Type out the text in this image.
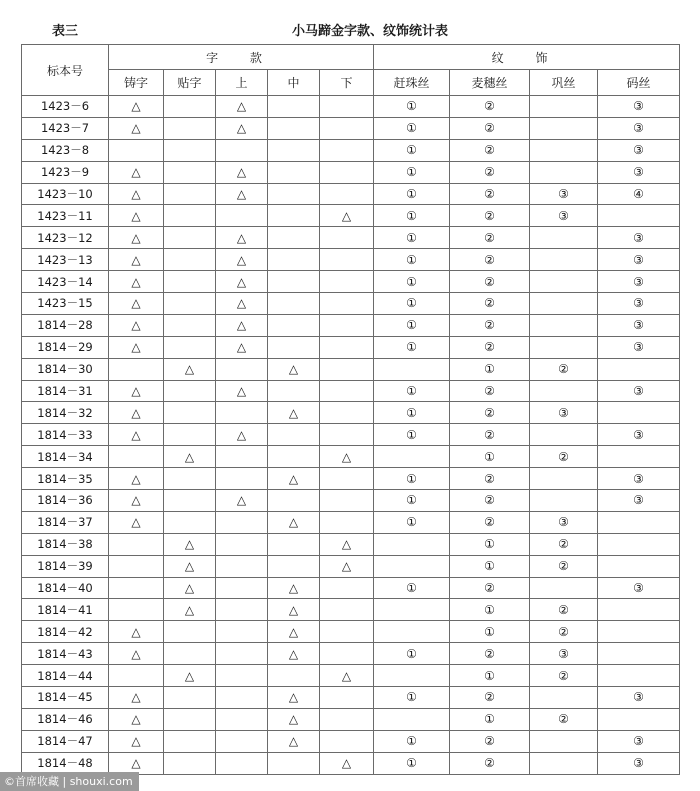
表三	小马蹄金字款、纹饰统计表
标本号	字 款					纹 饰			
	铸字	贴字	上	中	下	赶珠丝	麦穗丝	巩丝	码丝
1423－6	△		△			①	②		③
1423－7	△		△			①	②		③
1423－8						①	②		③
1423－9	△		△			①	②		③
1423－10	△		△			①	②	③	④
1423－11	△				△	①	②	③	
1423－12	△		△			①	②		③
1423－13	△		△			①	②		③
1423－14	△		△			①	②		③
1423－15	△		△			①	②		③
1814－28	△		△			①	②		③
1814－29	△		△			①	②		③
1814－30		△		△			①	②	
1814－31	△		△			①	②		③
1814－32	△			△		①	②	③	
1814－33	△		△			①	②		③
1814－34		△			△		①	②	
1814－35	△			△		①	②		③
1814－36	△		△			①	②		③
1814－37	△			△		①	②	③	
1814－38		△			△		①	②	
1814－39		△			△		①	②	
1814－40		△		△		①	②		③
1814－41		△		△			①	②	
1814－42	△			△			①	②	
1814－43	△			△		①	②	③	
1814－44		△			△		①	②	
1814－45	△			△		①	②		③
1814－46	△			△			①	②	
1814－47	△			△		①	②		③
1814－48	△				△	①	②		③
©首席收藏 | shouxi.com
